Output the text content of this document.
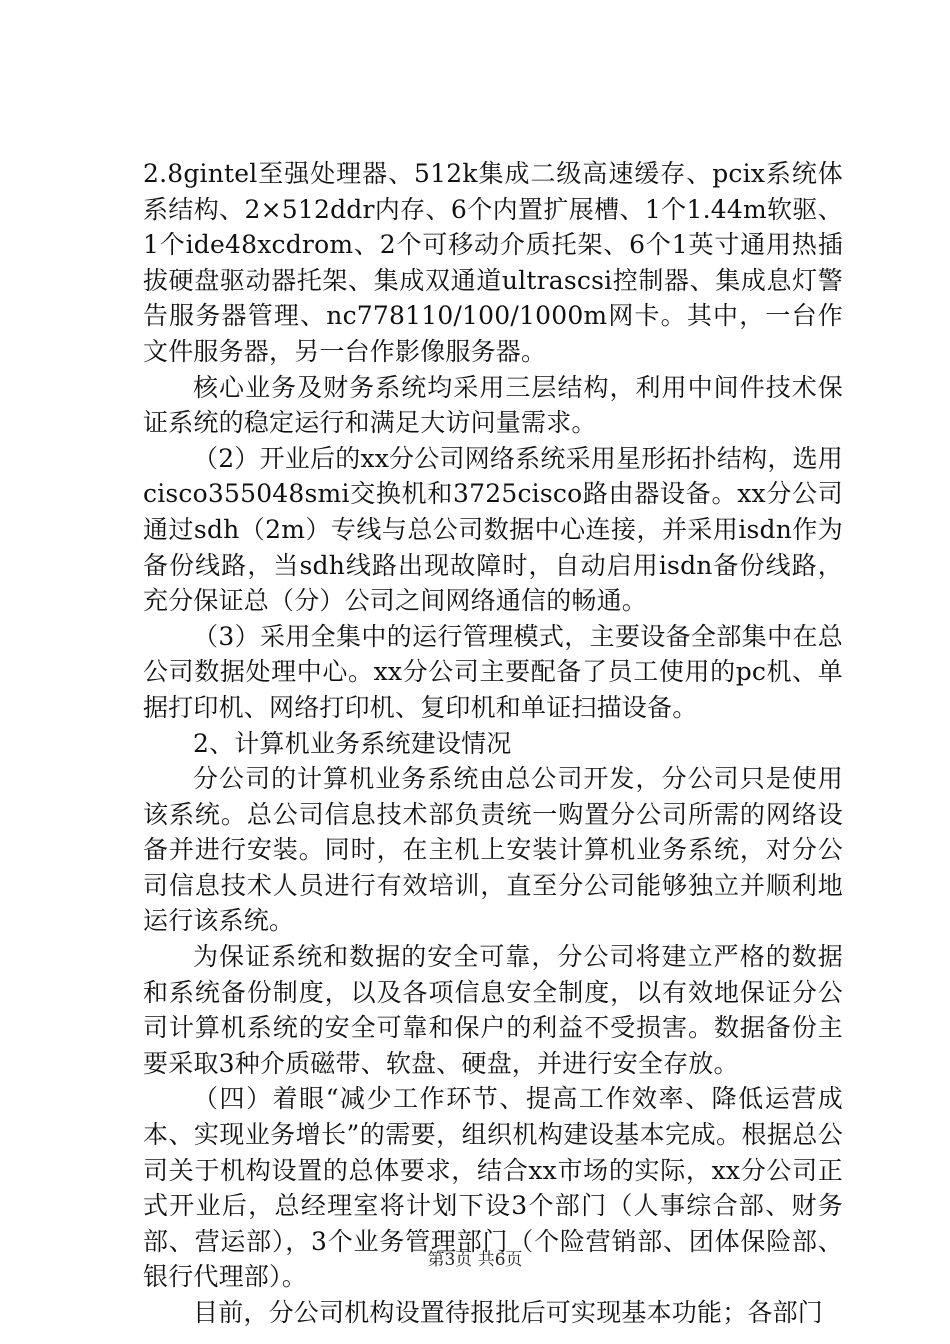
2.8gintel至强处理器、512k集成二级高速缓存、pcix系统体系结构、2×512ddr内存、6个内置扩展槽、1个1.44m软驱、1个ide48xcdrom、2个可移动介质托架、6个1英寸通用热插拔硬盘驱动器托架、集成双通道ultrascsi控制器、集成息灯警告服务器管理、nc778110/100/1000m网卡。其中，一台作文件服务器，另一台作影像服务器。

核心业务及财务系统均采用三层结构，利用中间件技术保证系统的稳定运行和满足大访问量需求。

（2）开业后的xx分公司网络系统采用星形拓扑结构，选用cisco355048smi交换机和3725cisco路由器设备。xx分公司通过sdh（2m）专线与总公司数据中心连接，并采用isdn作为备份线路，当sdh线路出现故障时，自动启用isdn备份线路，充分保证总（分）公司之间网络通信的畅通。

（3）采用全集中的运行管理模式，主要设备全部集中在总公司数据处理中心。xx分公司主要配备了员工使用的pc机、单据打印机、网络打印机、复印机和单证扫描设备。

2、计算机业务系统建设情况

分公司的计算机业务系统由总公司开发，分公司只是使用该系统。总公司信息技术部负责统一购置分公司所需的网络设备并进行安装。同时，在主机上安装计算机业务系统，对分公司信息技术人员进行有效培训，直至分公司能够独立并顺利地运行该系统。

为保证系统和数据的安全可靠，分公司将建立严格的数据和系统备份制度，以及各项信息安全制度，以有效地保证分公司计算机系统的安全可靠和保户的利益不受损害。数据备份主要采取3种介质磁带、软盘、硬盘，并进行安全存放。

（四）着眼“减少工作环节、提高工作效率、降低运营成本、实现业务增长”的需要，组织机构建设基本完成。根据总公司关于机构设置的总体要求，结合xx市场的实际，xx分公司正式开业后，总经理室将计划下设3个部门（人事综合部、财务部、营运部），3个业务管理部门（个险营销部、团体保险部、银行代理部）。

目前，分公司机构设置待报批后可实现基本功能；各部门

第3页 共6页
